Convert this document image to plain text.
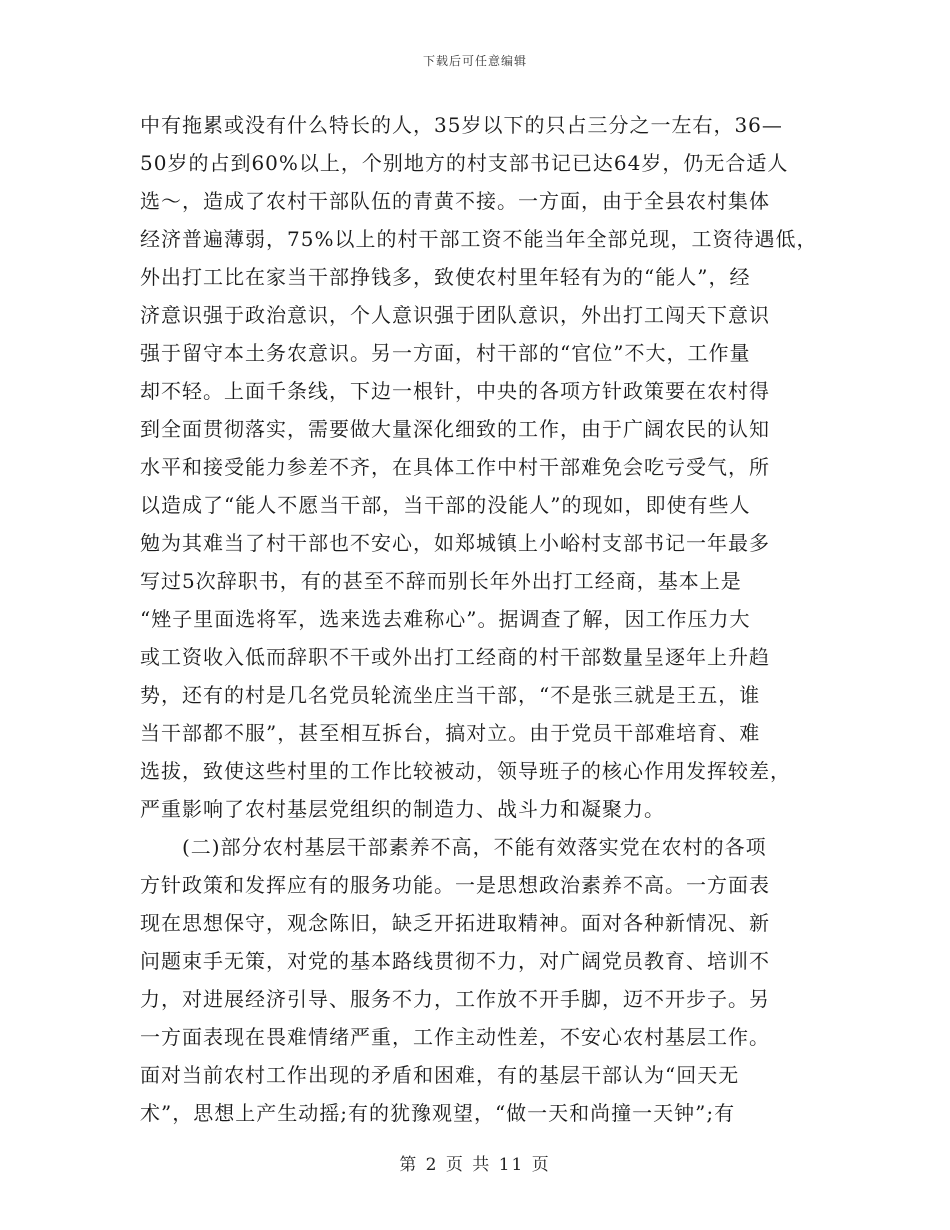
下载后可任意编辑
中有拖累或没有什么特长的人，35岁以下的只占三分之一左右，36—
50岁的占到60%以上，个别地方的村支部书记已达64岁，仍无合适人
选～，造成了农村干部队伍的青黄不接。一方面，由于全县农村集体
经济普遍薄弱，75%以上的村干部工资不能当年全部兑现，工资待遇低，
外出打工比在家当干部挣钱多，致使农村里年轻有为的“能人”，经
济意识强于政治意识，个人意识强于团队意识，外出打工闯天下意识
强于留守本土务农意识。另一方面，村干部的“官位”不大，工作量
却不轻。上面千条线，下边一根针，中央的各项方针政策要在农村得
到全面贯彻落实，需要做大量深化细致的工作，由于广阔农民的认知
水平和接受能力参差不齐，在具体工作中村干部难免会吃亏受气，所
以造成了“能人不愿当干部，当干部的没能人”的现如，即使有些人
勉为其难当了村干部也不安心，如郑城镇上小峪村支部书记一年最多
写过5次辞职书，有的甚至不辞而别长年外出打工经商，基本上是
“矬子里面选将军，选来选去难称心”。据调查了解，因工作压力大
或工资收入低而辞职不干或外出打工经商的村干部数量呈逐年上升趋
势，还有的村是几名党员轮流坐庄当干部，“不是张三就是王五，谁
当干部都不服”，甚至相互拆台，搞对立。由于党员干部难培育、难
选拔，致使这些村里的工作比较被动，领导班子的核心作用发挥较差，
严重影响了农村基层党组织的制造力、战斗力和凝聚力。
(二)部分农村基层干部素养不高，不能有效落实党在农村的各项
方针政策和发挥应有的服务功能。一是思想政治素养不高。一方面表
现在思想保守，观念陈旧，缺乏开拓进取精神。面对各种新情况、新
问题束手无策，对党的基本路线贯彻不力，对广阔党员教育、培训不
力，对进展经济引导、服务不力，工作放不开手脚，迈不开步子。另
一方面表现在畏难情绪严重，工作主动性差，不安心农村基层工作。
面对当前农村工作出现的矛盾和困难，有的基层干部认为“回天无
术”，思想上产生动摇;有的犹豫观望，“做一天和尚撞一天钟”;有
第 2 页 共 11 页
